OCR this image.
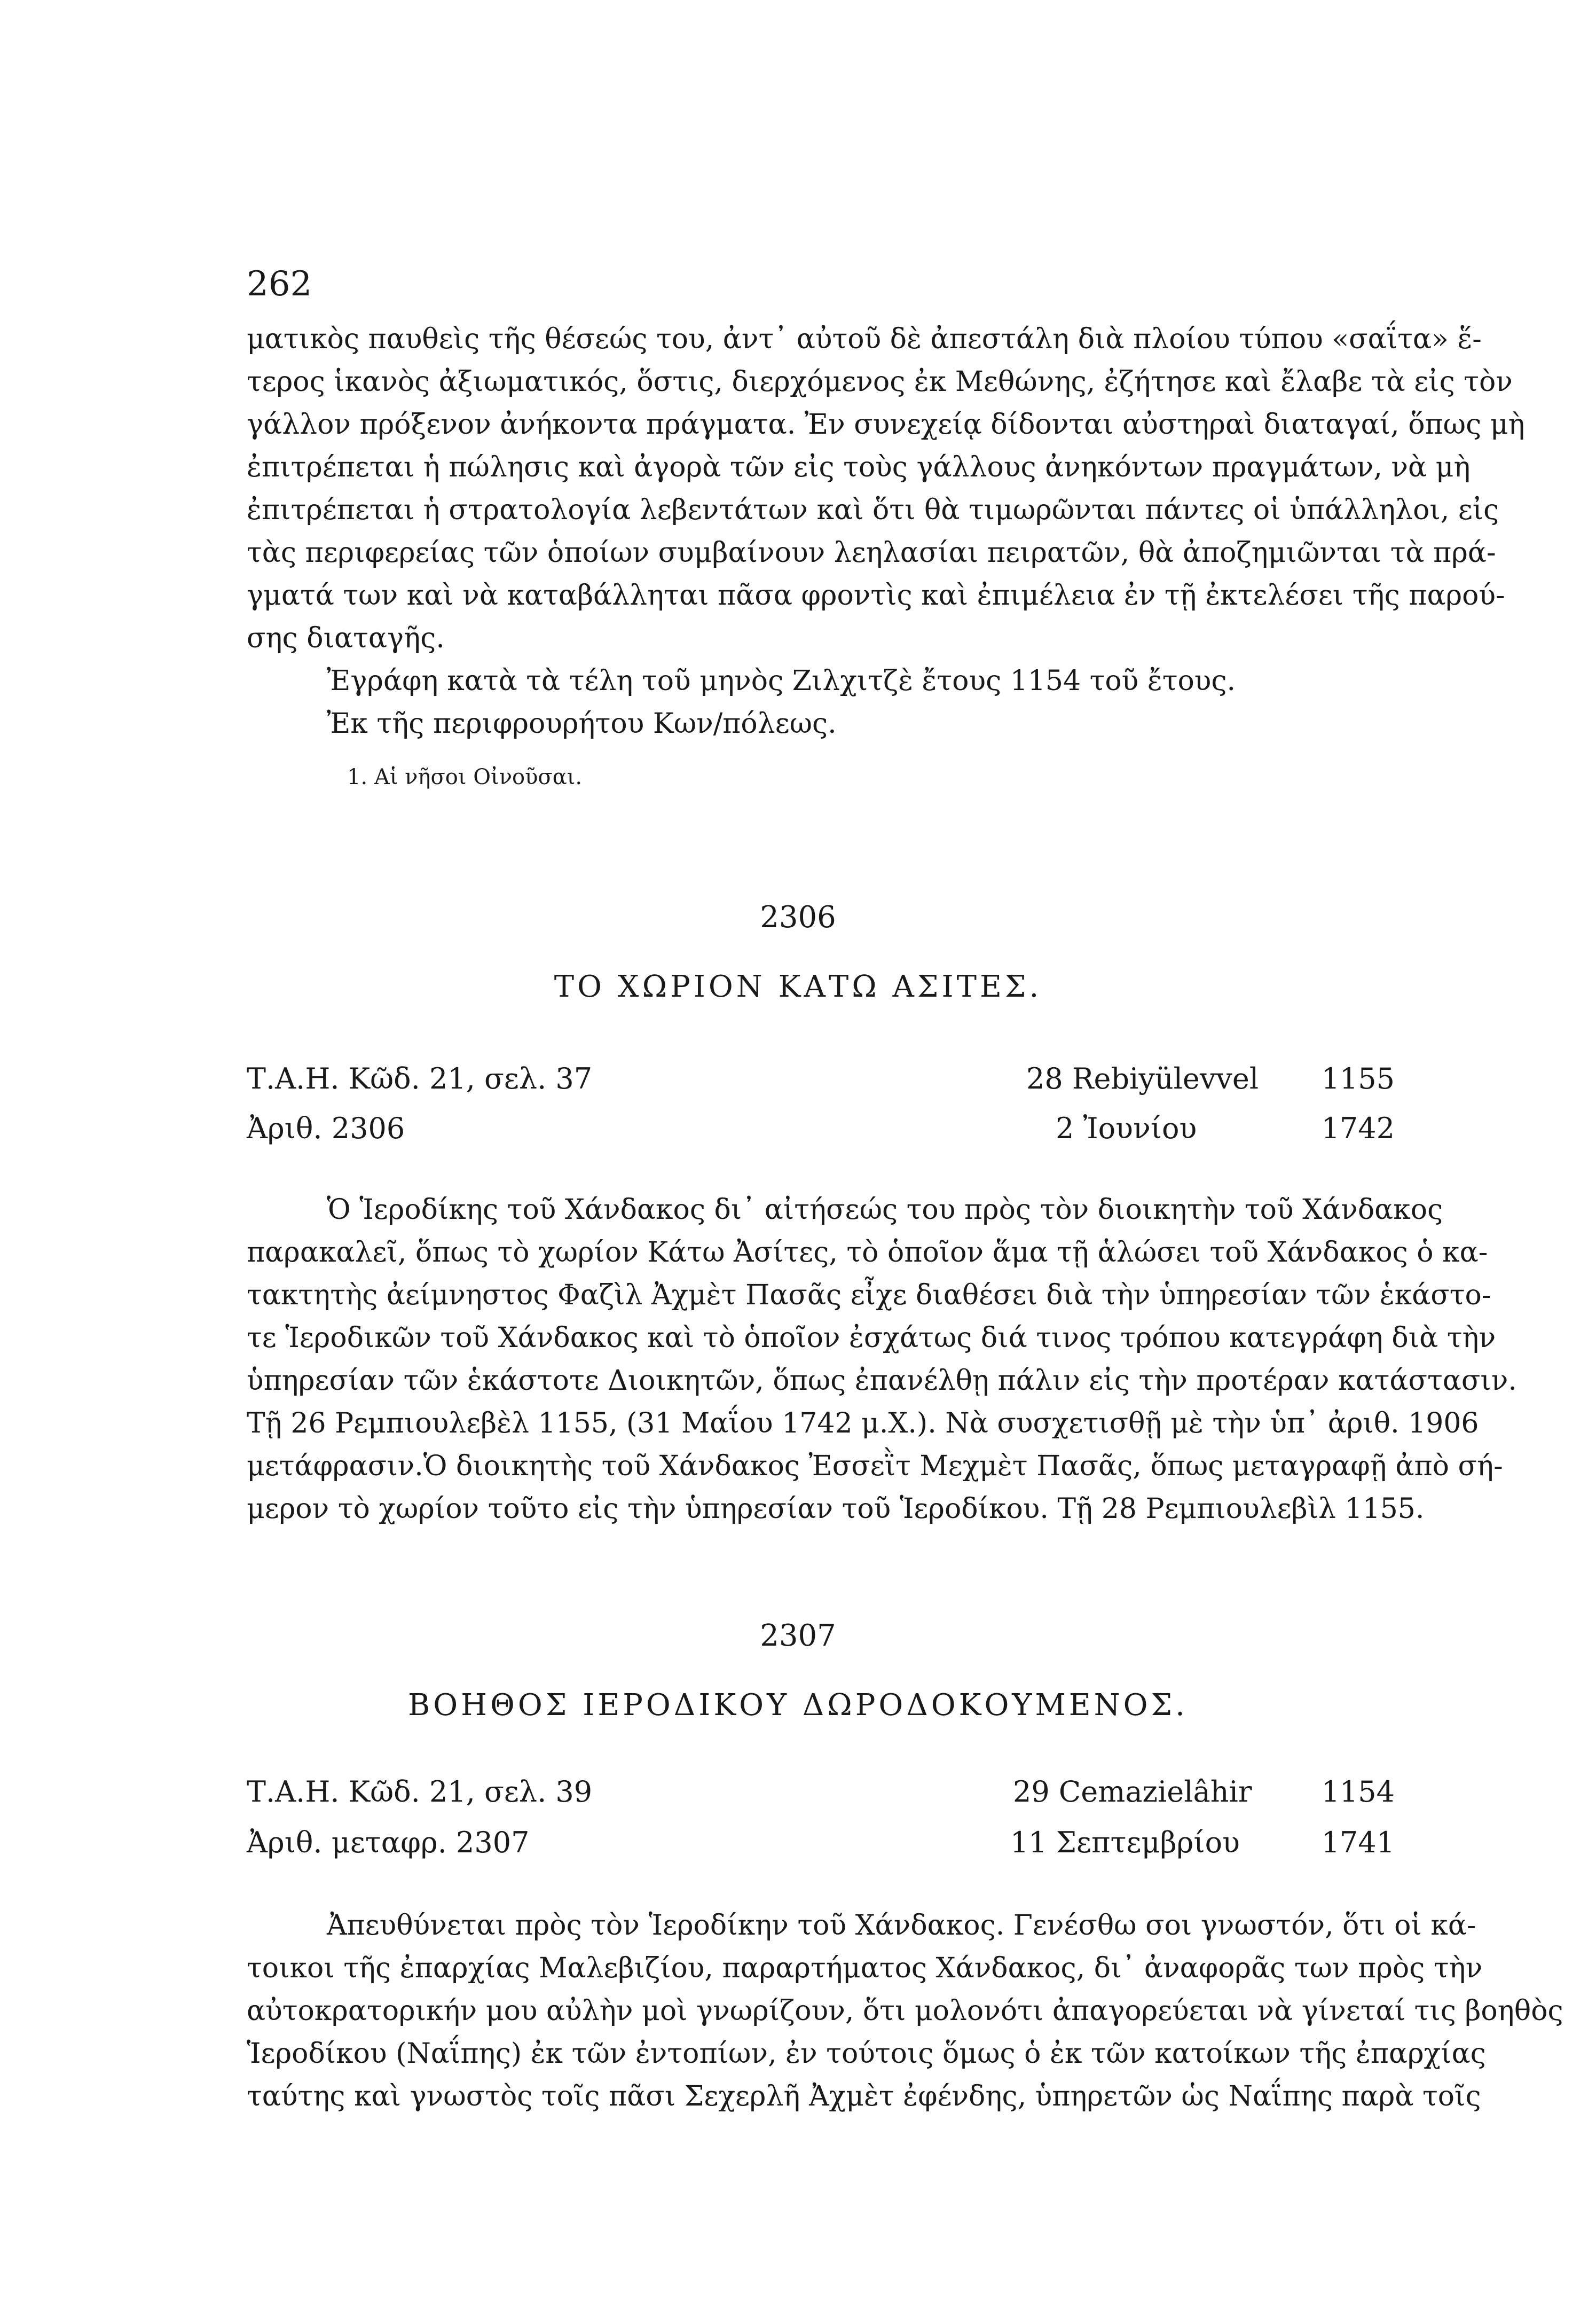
262
ματικὸς παυθεὶς τῆς θέσεώς του, ἀντ᾽ αὐτοῦ δὲ ἀπεστάλη διὰ πλοίου τύπου «σαΐτα» ἕ-
τερος ἱκανὸς ἀξιωματικός, ὅστις, διερχόμενος ἐκ Μεθώνης, ἐζήτησε καὶ ἔλαβε τὰ εἰς τὸν
γάλλον πρόξενον ἀνήκοντα πράγματα. Ἐν συνεχείᾳ δίδονται αὐστηραὶ διαταγαί, ὅπως μὴ
ἐπιτρέπεται ἡ πώλησις καὶ ἀγορὰ τῶν εἰς τοὺς γάλλους ἀνηκόντων πραγμάτων, νὰ μὴ
ἐπιτρέπεται ἡ στρατολογία λεβεντάτων καὶ ὅτι θὰ τιμωρῶνται πάντες οἱ ὑπάλληλοι, εἰς
τὰς περιφερείας τῶν ὁποίων συμβαίνουν λεηλασίαι πειρατῶν, θὰ ἀποζημιῶνται τὰ πρά-
γματά των καὶ νὰ καταβάλληται πᾶσα φροντὶς καὶ ἐπιμέλεια ἐν τῇ ἐκτελέσει τῆς παρού-
σης διαταγῆς.
Ἐγράφη κατὰ τὰ τέλη τοῦ μηνὸς Ζιλχιτζὲ ἔτους 1154 τοῦ ἔτους.
Ἐκ τῆς περιφρουρήτου Κων/πόλεως.
1. Αἱ νῆσοι Οἰνοῦσαι.
2306
ΤΟ ΧΩΡΙΟΝ ΚΑΤΩ ΑΣΙΤΕΣ.
Τ.Α.Η. Κῶδ. 21, σελ. 37	28 Rebiyülevvel 1155
Ἀριθ. 2306	2 Ἰουνίου	1742
Ὁ Ἱεροδίκης τοῦ Χάνδακος δι᾽ αἰτήσεώς του πρὸς τὸν διοικητὴν τοῦ Χάνδακος
παρακαλεῖ, ὅπως τὸ χωρίον Κάτω Ἀσίτες, τὸ ὁποῖον ἅμα τῇ ἁλώσει τοῦ Χάνδακος ὁ κα-
τακτητὴς ἀείμνηστος Φαζὶλ Ἀχμὲτ Πασᾶς εἶχε διαθέσει διὰ τὴν ὑπηρεσίαν τῶν ἑκάστο-
τε Ἱεροδικῶν τοῦ Χάνδακος καὶ τὸ ὁποῖον ἐσχάτως διά τινος τρόπου κατεγράφη διὰ τὴν
ὑπηρεσίαν τῶν ἑκάστοτε Διοικητῶν, ὅπως ἐπανέλθῃ πάλιν εἰς τὴν προτέραν κατάστασιν.
Τῇ 26 Ρεμπιουλεβὲλ 1155, (31 Μαΐου 1742 μ.Χ.). Νὰ συσχετισθῇ μὲ τὴν ὑπ᾽ ἀριθ. 1906
μετάφρασιν.Ὁ διοικητὴς τοῦ Χάνδακος Ἐσσεῒτ Μεχμὲτ Πασᾶς, ὅπως μεταγραφῇ ἀπὸ σή-
μερον τὸ χωρίον τοῦτο εἰς τὴν ὑπηρεσίαν τοῦ Ἱεροδίκου. Τῇ 28 Ρεμπιουλεβὶλ 1155.
2307
ΒΟΗΘΟΣ ΙΕΡΟΔΙΚΟΥ ΔΩΡΟΔΟΚΟΥΜΕΝΟΣ.
Τ.Α.Η. Κῶδ. 21, σελ. 39	29 Cemazielâhir 1154
Ἀριθ. μεταφρ. 2307	11 Σεπτεμβρίου	1741
Ἀπευθύνεται πρὸς τὸν Ἱεροδίκην τοῦ Χάνδακος. Γενέσθω σοι γνωστόν, ὅτι οἱ κά-
τοικοι τῆς ἐπαρχίας Μαλεβιζίου, παραρτήματος Χάνδακος, δι᾽ ἀναφορᾶς των πρὸς τὴν
αὐτοκρατορικήν μου αὐλὴν μοὶ γνωρίζουν, ὅτι μολονότι ἀπαγορεύεται νὰ γίνεταί τις βοηθὸς
Ἱεροδίκου (Ναΐπης) ἐκ τῶν ἐντοπίων, ἐν τούτοις ὅμως ὁ ἐκ τῶν κατοίκων τῆς ἐπαρχίας
ταύτης καὶ γνωστὸς τοῖς πᾶσι Σεχερλῆ Ἀχμὲτ ἐφένδης, ὑπηρετῶν ὡς Ναΐπης παρὰ τοῖς
